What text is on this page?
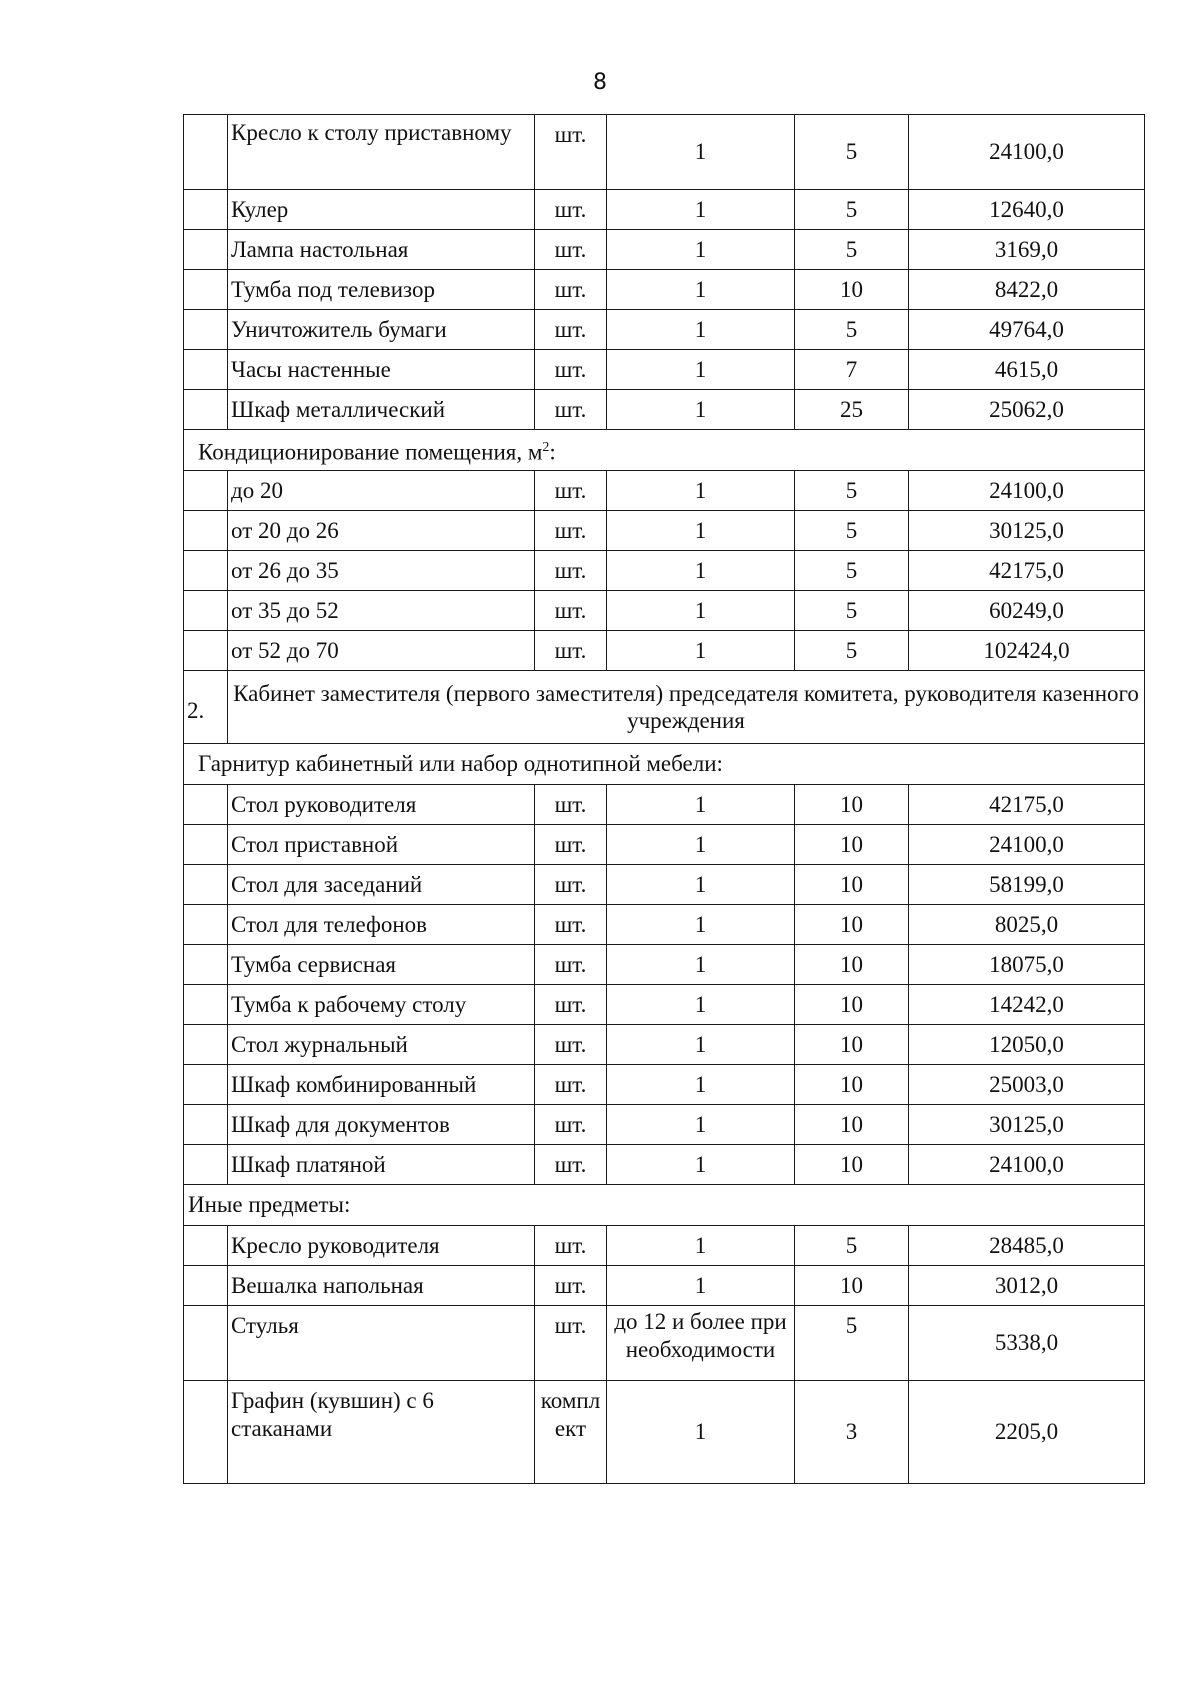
8
	Кресло к столу приставному	шт.	1	5	24100,0
	Кулер	шт.	1	5	12640,0
	Лампа настольная	шт.	1	5	3169,0
	Тумба под телевизор	шт.	1	10	8422,0
	Уничтожитель бумаги	шт.	1	5	49764,0
	Часы настенные	шт.	1	7	4615,0
	Шкаф металлический	шт.	1	25	25062,0
Кондиционирование помещения, $м^2$:					
	до 20	шт.	1	5	24100,0
	от 20 до 26	шт.	1	5	30125,0
	от 26 до 35	шт.	1	5	42175,0
	от 35 до 52	шт.	1	5	60249,0
	от 52 до 70	шт.	1	5	102424,0
2.	Кабинет заместителя (первого заместителя) председателя комитета, руководителя казенного учреждения				
Гарнитур кабинетный или набор однотипной мебели:					
	Стол руководителя	шт.	1	10	42175,0
	Стол приставной	шт.	1	10	24100,0
	Стол для заседаний	шт.	1	10	58199,0
	Стол для телефонов	шт.	1	10	8025,0
	Тумба сервисная	шт.	1	10	18075,0
	Тумба к рабочему столу	шт.	1	10	14242,0
	Стол журнальный	шт.	1	10	12050,0
	Шкаф комбинированный	шт.	1	10	25003,0
	Шкаф для документов	шт.	1	10	30125,0
	Шкаф платяной	шт.	1	10	24100,0
Иные предметы:					
	Кресло руководителя	шт.	1	5	28485,0
	Вешалка напольная	шт.	1	10	3012,0
	Стулья	шт.	до 12 и более при необходимости	5	5338,0
	Графин (кувшин) с 6 стаканами	компл ект	1	3	2205,0
